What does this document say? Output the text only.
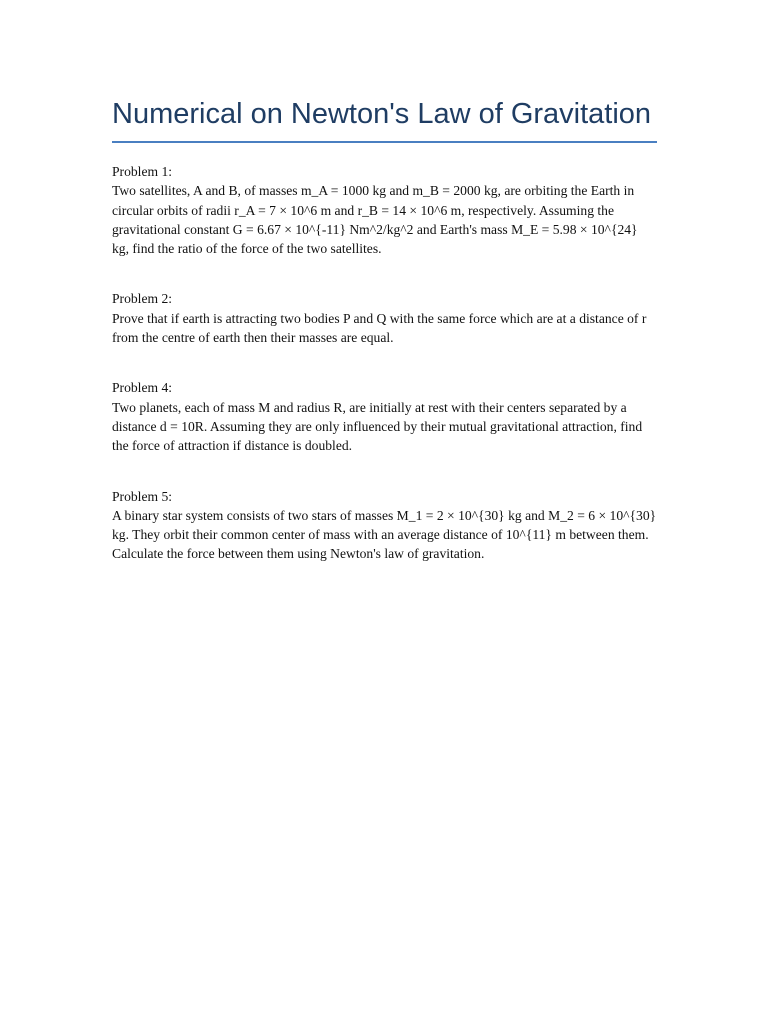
Numerical on Newton's Law of Gravitation
Problem 1:
Two satellites, A and B, of masses m_A = 1000 kg and m_B = 2000 kg, are orbiting the Earth in circular orbits of radii r_A = 7 × 10^6 m and r_B = 14 × 10^6 m, respectively. Assuming the gravitational constant G = 6.67 × 10^{-11} Nm^2/kg^2 and Earth's mass M_E = 5.98 × 10^{24} kg, find the ratio of the force of the two satellites.
Problem 2:
Prove that if earth is attracting two bodies P and Q with the same force which are at a distance of r from the centre of earth then their masses are equal.
Problem 4:
Two planets, each of mass M and radius R, are initially at rest with their centers separated by a distance d = 10R. Assuming they are only influenced by their mutual gravitational attraction, find the force of attraction if distance is doubled.
Problem 5:
A binary star system consists of two stars of masses M_1 = 2 × 10^{30} kg and M_2 = 6 × 10^{30} kg. They orbit their common center of mass with an average distance of 10^{11} m between them. Calculate the force between them using Newton's law of gravitation.
